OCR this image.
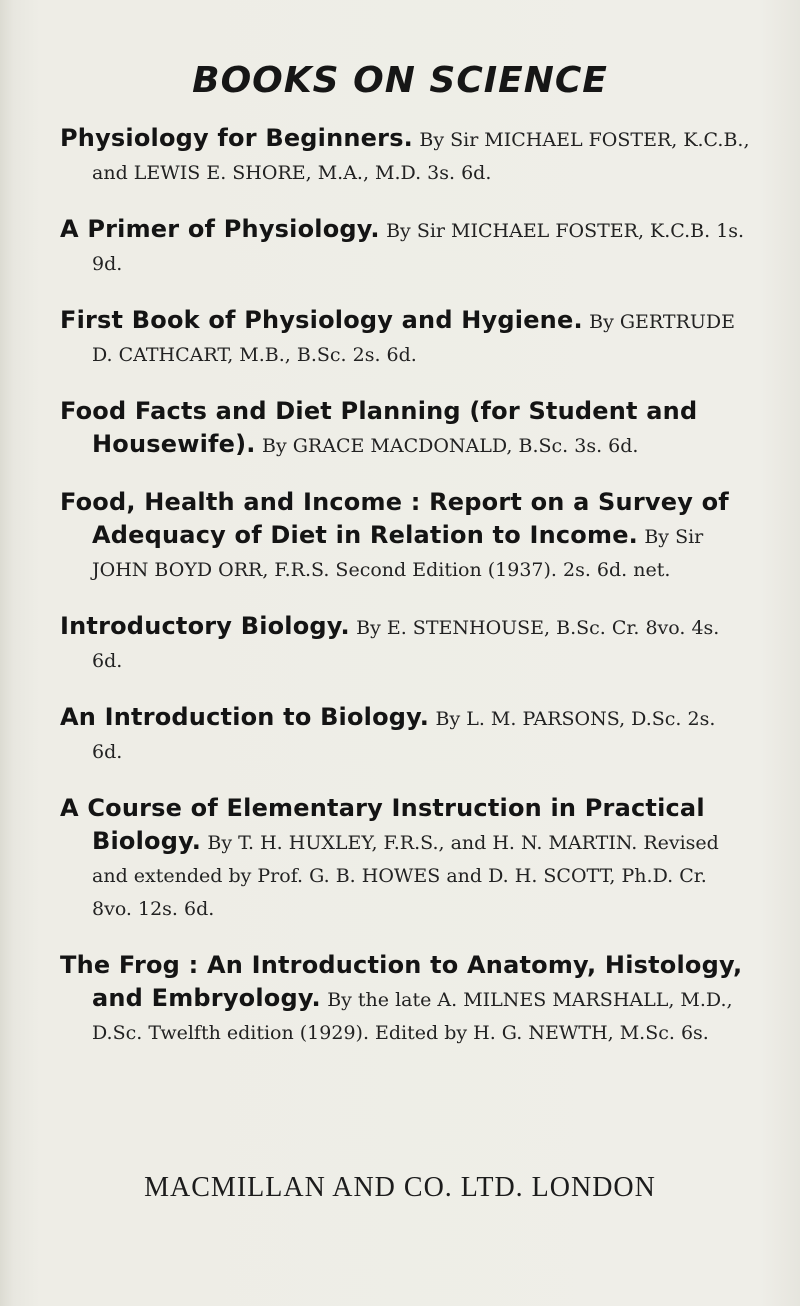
BOOKS ON SCIENCE

Physiology for Beginners. By Sir MICHAEL FOSTER, K.C.B., and LEWIS E. SHORE, M.A., M.D. 3s. 6d.

A Primer of Physiology. By Sir MICHAEL FOSTER, K.C.B. 1s. 9d.

First Book of Physiology and Hygiene. By GERTRUDE D. CATHCART, M.B., B.Sc. 2s. 6d.

Food Facts and Diet Planning (for Student and Housewife). By GRACE MACDONALD, B.Sc. 3s. 6d.

Food, Health and Income : Report on a Survey of Adequacy of Diet in Relation to Income. By Sir JOHN BOYD ORR, F.R.S. Second Edition (1937). 2s. 6d. net.

Introductory Biology. By E. STENHOUSE, B.Sc. Cr. 8vo. 4s. 6d.

An Introduction to Biology. By L. M. PARSONS, D.Sc. 2s. 6d.

A Course of Elementary Instruction in Practical Biology. By T. H. HUXLEY, F.R.S., and H. N. MARTIN. Revised and extended by Prof. G. B. HOWES and D. H. SCOTT, Ph.D. Cr. 8vo. 12s. 6d.

The Frog : An Introduction to Anatomy, Histology, and Embryology. By the late A. MILNES MARSHALL, M.D., D.Sc. Twelfth edition (1929). Edited by H. G. NEWTH, M.Sc. 6s.

MACMILLAN AND CO. LTD. LONDON
